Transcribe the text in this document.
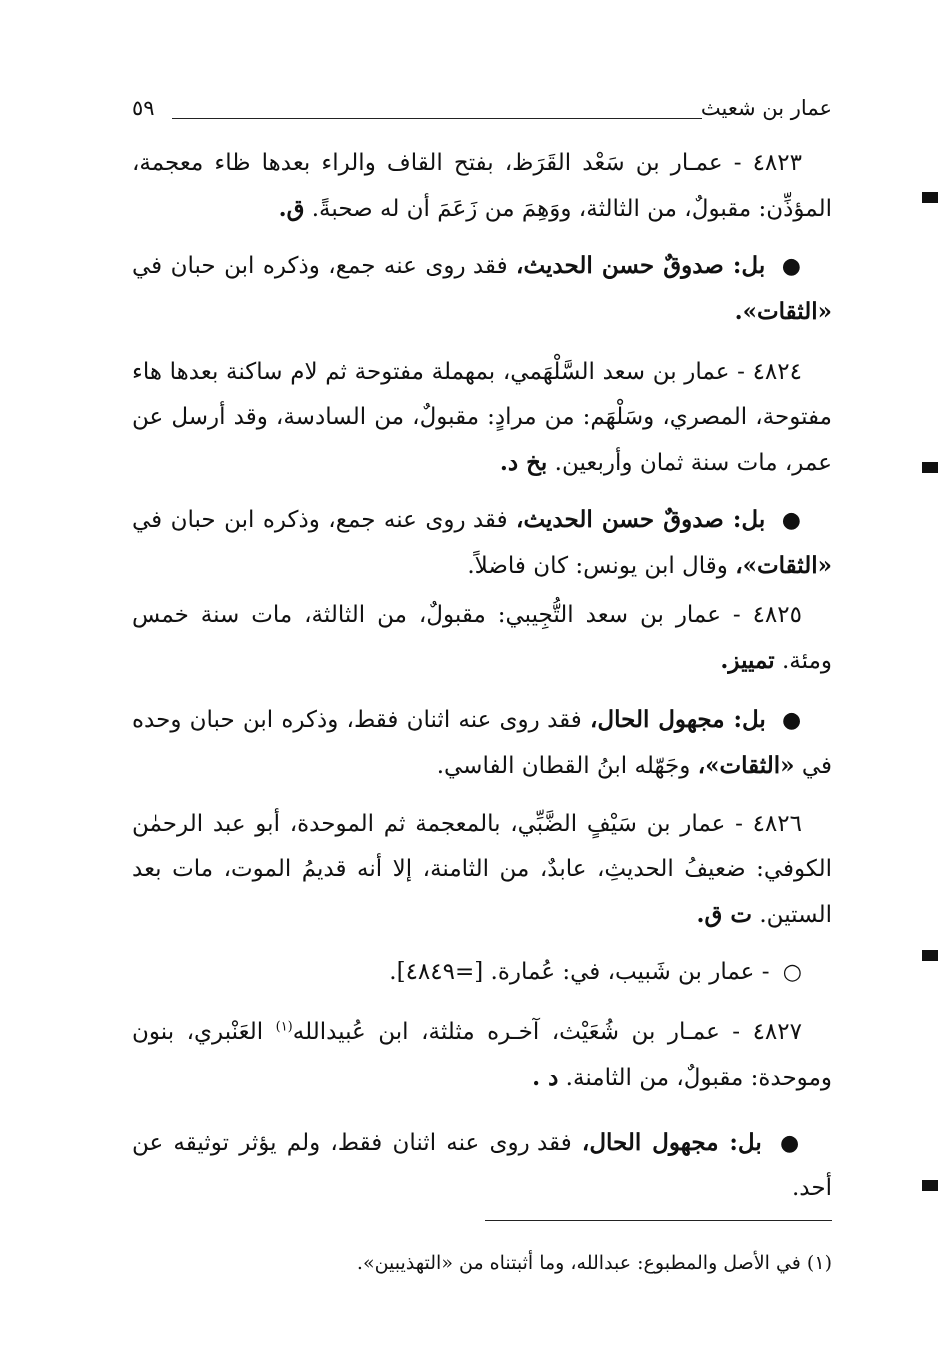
عمار بن شعيث
٥٩
٤٨٢٣ - عمـار بن سَعْد القَرَظ، بفتح القاف والراء بعدها ظاء معجمة، المؤذِّن: مقبولٌ، من الثالثة، ووَهِمَ من زَعَمَ أن له صحبةً. ق.
● بل: صدوقٌ حسن الحديث، فقد روى عنه جمع، وذكره ابن حبان في «الثقات».
٤٨٢٤ - عمار بن سعد السَّلْهَمي، بمهملة مفتوحة ثم لام ساكنة بعدها هاء مفتوحة، المصري، وسَلْهَم: من مرادٍ: مقبولٌ، من السادسة، وقد أرسل عن عمر، مات سنة ثمان وأربعين. بخ د.
● بل: صدوقٌ حسن الحديث، فقد روى عنه جمع، وذكره ابن حبان في «الثقات»، وقال ابن يونس: كان فاضلاً.
٤٨٢٥ - عمار بن سعد التُّجِيبي: مقبولٌ، من الثالثة، مات سنة خمس ومئة. تمييز.
● بل: مجهول الحال، فقد روى عنه اثنان فقط، وذكره ابن حبان وحده في «الثقات»، وجَهّله ابنُ القطان الفاسي.
٤٨٢٦ - عمار بن سَيْفٍ الضَّبِّي، بالمعجمة ثم الموحدة، أبو عبد الرحمٰن الكوفي: ضعيفُ الحديثِ، عابدٌ، من الثامنة، إلا أنه قديمُ الموت، مات بعد الستين. ت ق.
○ - عمار بن شَبيب، في: عُمارة. [=٤٨٤٩].
٤٨٢٧ - عمـار بن شُعَيْث، آخـره مثلثة، ابن عُبيدالله$^{(١)}$ العَنْبري، بنون وموحدة: مقبولٌ، من الثامنة. د .
● بل: مجهول الحال، فقد روى عنه اثنان فقط، ولم يؤثر توثيقه عن أحد.
(١) في الأصل والمطبوع: عبدالله، وما أثبتناه من «التهذيبين».
